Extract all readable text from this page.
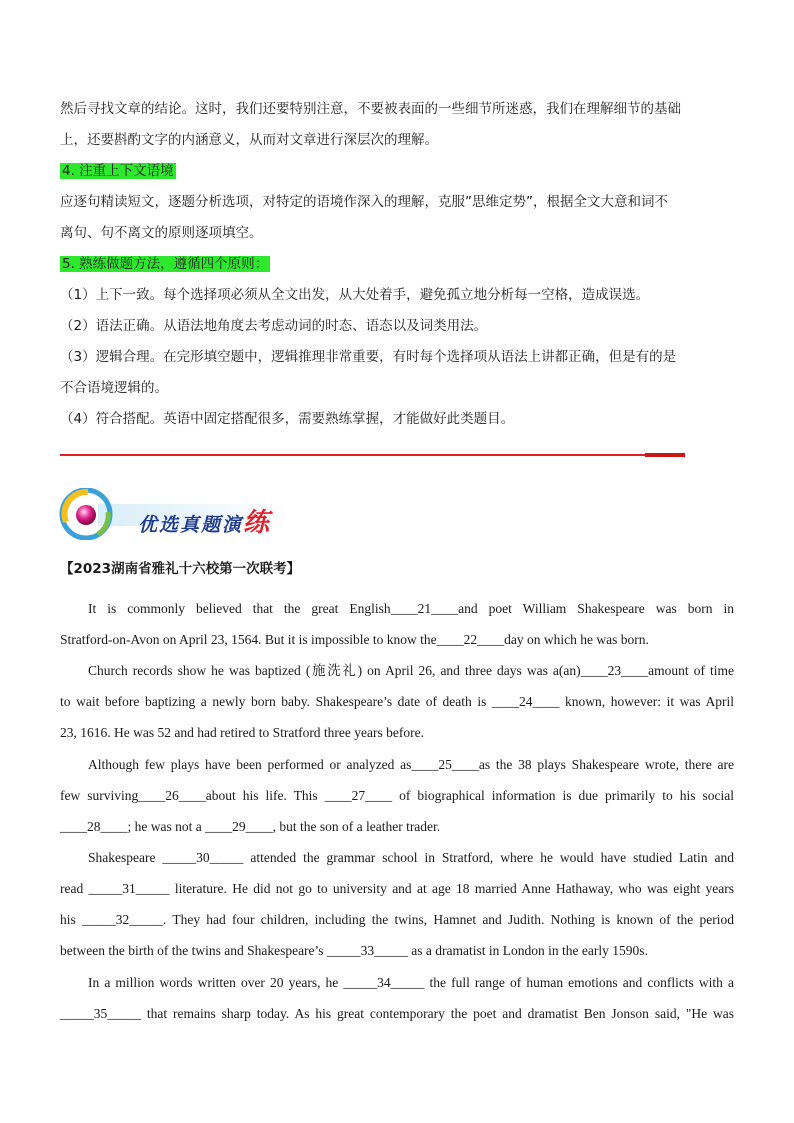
然后寻找文章的结论。这时，我们还要特别注意，不要被表面的一些细节所迷惑，我们在理解细节的基础
上，还要斟酌文字的内涵意义，从而对文章进行深层次的理解。
4. 注重上下文语境
应逐句精读短文，逐题分析选项，对特定的语境作深入的理解，克服”思维定势”，根据全文大意和词不
离句、句不离文的原则逐项填空。
5. 熟练做题方法，遵循四个原则：
（1）上下一致。每个选择项必须从全文出发，从大处着手，避免孤立地分析每一空格，造成误选。
（2）语法正确。从语法地角度去考虑动词的时态、语态以及词类用法。
（3）逻辑合理。在完形填空题中，逻辑推理非常重要，有时每个选择项从语法上讲都正确，但是有的是
不合语境逻辑的。
（4）符合搭配。英语中固定搭配很多，需要熟练掌握，才能做好此类题目。
优选真题演练
【2023湖南省雅礼十六校第一次联考】
It is commonly believed that the great English____21____and poet William Shakespeare was born in
Stratford-on-Avon on April 23, 1564. But it is impossible to know the____22____day on which he was born.
Church records show he was baptized (施洗礼) on April 26, and three days was a(an)____23____amount of time
to wait before baptizing a newly born baby. Shakespeare’s date of death is ____24____ known, however: it was April
23, 1616. He was 52 and had retired to Stratford three years before.
Although few plays have been performed or analyzed as____25____as the 38 plays Shakespeare wrote, there are
few surviving____26____about his life. This ____27____ of biographical information is due primarily to his social
____28____; he was not a ____29____, but the son of a leather trader.
Shakespeare _____30_____ attended the grammar school in Stratford, where he would have studied Latin and
read _____31_____ literature. He did not go to university and at age 18 married Anne Hathaway, who was eight years
his _____32_____. They had four children, including the twins, Hamnet and Judith. Nothing is known of the period
between the birth of the twins and Shakespeare’s _____33_____ as a dramatist in London in the early 1590s.
In a million words written over 20 years, he _____34_____ the full range of human emotions and conflicts with a
_____35_____ that remains sharp today. As his great contemporary the poet and dramatist Ben Jonson said, "He was
